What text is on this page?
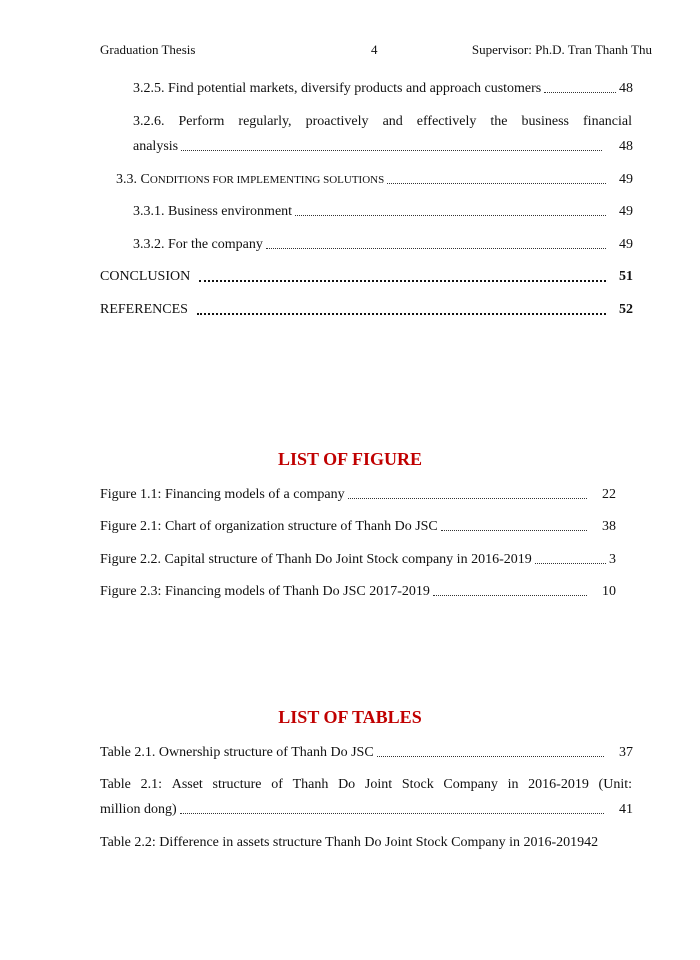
Graduation Thesis	4	Supervisor: Ph.D. Tran Thanh Thu
3.2.5. Find potential markets, diversify products and approach customers	48
3.2.6. Perform regularly, proactively and effectively the business financial
analysis	48
3.3. CONDITIONS FOR IMPLEMENTING SOLUTIONS	49
3.3.1. Business environment	49
3.3.2. For the company	49
CONCLUSION	51
REFERENCES	52
LIST OF FIGURE
Figure 1.1: Financing models of a company	22
Figure 2.1: Chart of organization structure of Thanh Do JSC	38
Figure 2.2. Capital structure of Thanh Do Joint Stock company in 2016-2019	3
Figure 2.3: Financing models of Thanh Do JSC 2017-2019	10
LIST OF TABLES
Table 2.1. Ownership structure of Thanh Do JSC	37
Table 2.1: Asset structure of Thanh Do Joint Stock Company in 2016-2019 (Unit:
million dong)	41
Table 2.2: Difference in assets structure Thanh Do Joint Stock Company in 2016-2019 42
